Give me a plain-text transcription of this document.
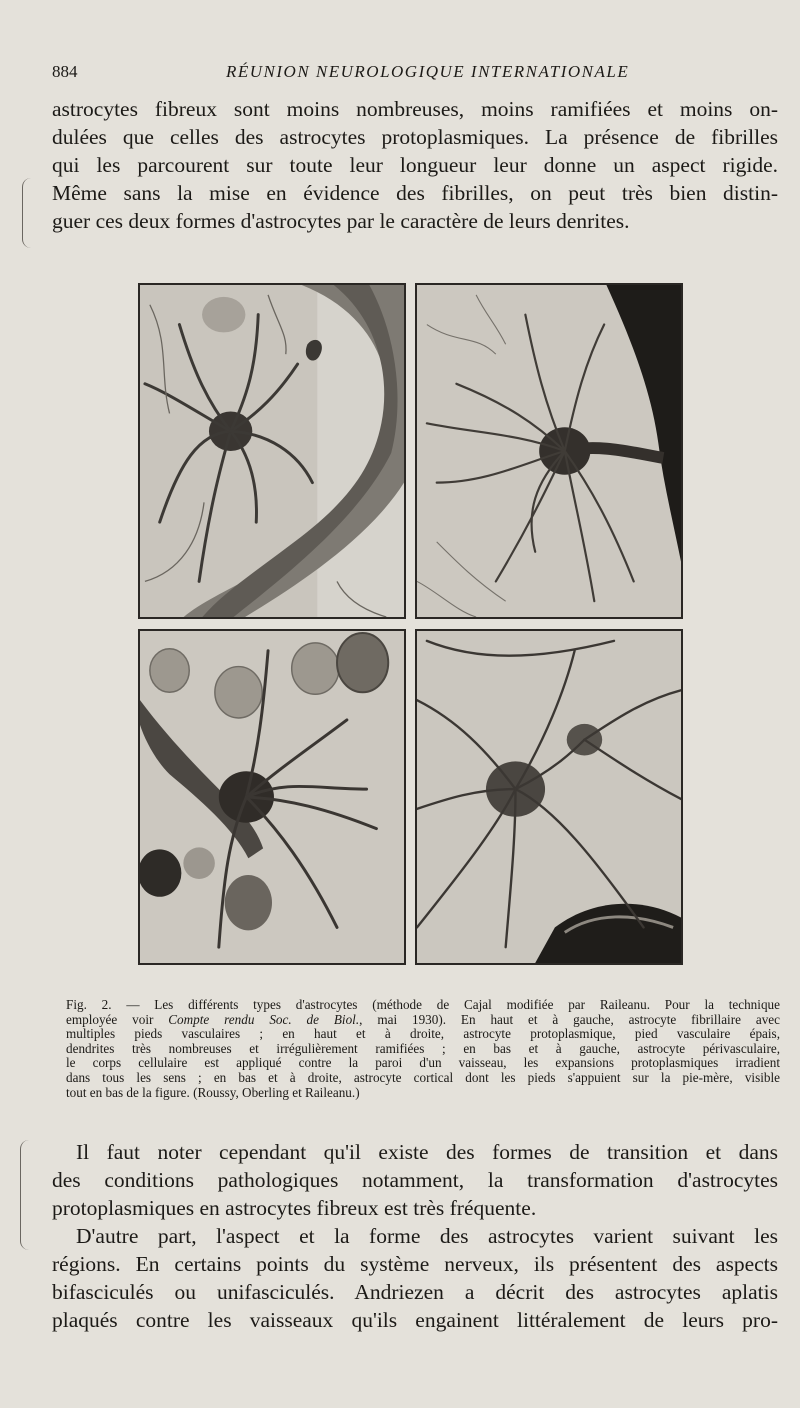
884	RÉUNION NEUROLOGIQUE INTERNATIONALE
astrocytes fibreux sont moins nombreuses, moins ramifiées et moins on-
dulées que celles des astrocytes protoplasmiques. La présence de fibrilles
qui les parcourent sur toute leur longueur leur donne un aspect rigide.
Même sans la mise en évidence des fibrilles, on peut très bien distin-
guer ces deux formes d'astrocytes par le caractère de leurs denrites.
Fig. 2. — Les différents types d'astrocytes (méthode de Cajal modifiée par Raileanu. Pour la technique
employée voir Compte rendu Soc. de Biol., mai 1930). En haut et à gauche, astrocyte fibrillaire avec
multiples pieds vasculaires ; en haut et à droite, astrocyte protoplasmique, pied vasculaire épais,
dendrites très nombreuses et irrégulièrement ramifiées ; en bas et à gauche, astrocyte périvasculaire,
le corps cellulaire est appliqué contre la paroi d'un vaisseau, les expansions protoplasmiques irradient
dans tous les sens ; en bas et à droite, astrocyte cortical dont les pieds s'appuient sur la pie-mère, visible
tout en bas de la figure. (Roussy, Oberling et Raileanu.)
Il faut noter cependant qu'il existe des formes de transition et dans
des conditions pathologiques notamment, la transformation d'astrocytes
protoplasmiques en astrocytes fibreux est très fréquente.
D'autre part, l'aspect et la forme des astrocytes varient suivant les
régions. En certains points du système nerveux, ils présentent des aspects
bifasciculés ou unifasciculés. Andriezen a décrit des astrocytes aplatis
plaqués contre les vaisseaux qu'ils engainent littéralement de leurs pro-
